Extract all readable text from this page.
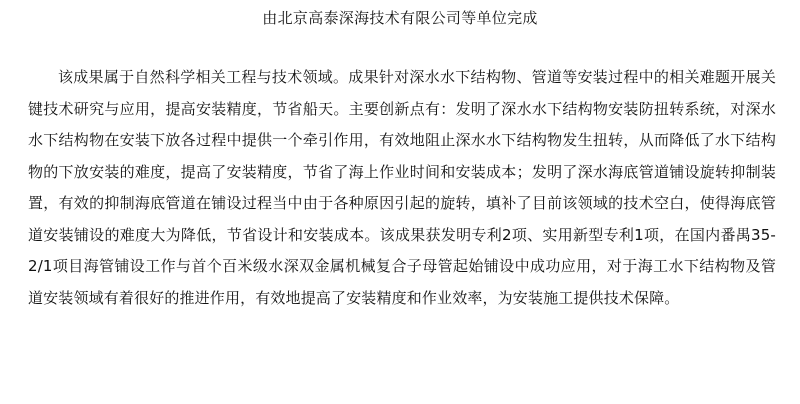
由北京高泰深海技术有限公司等单位完成

该成果属于自然科学相关工程与技术领域。成果针对深水水下结构物、管道等安装过程中的相关难题开展关键技术研究与应用，提高安装精度，节省船天。主要创新点有：发明了深水水下结构物安装防扭转系统，对深水水下结构物在安装下放各过程中提供一个牵引作用，有效地阻止深水水下结构物发生扭转，从而降低了水下结构物的下放安装的难度，提高了安装精度，节省了海上作业时间和安装成本；发明了深水海底管道铺设旋转抑制装置，有效的抑制海底管道在铺设过程当中由于各种原因引起的旋转，填补了目前该领域的技术空白，使得海底管道安装铺设的难度大为降低，节省设计和安装成本。该成果获发明专利2项、实用新型专利1项，在国内番禺35-2/1项目海管铺设工作与首个百米级水深双金属机械复合子母管起始铺设中成功应用，对于海工水下结构物及管道安装领域有着很好的推进作用，有效地提高了安装精度和作业效率，为安装施工提供技术保障。
